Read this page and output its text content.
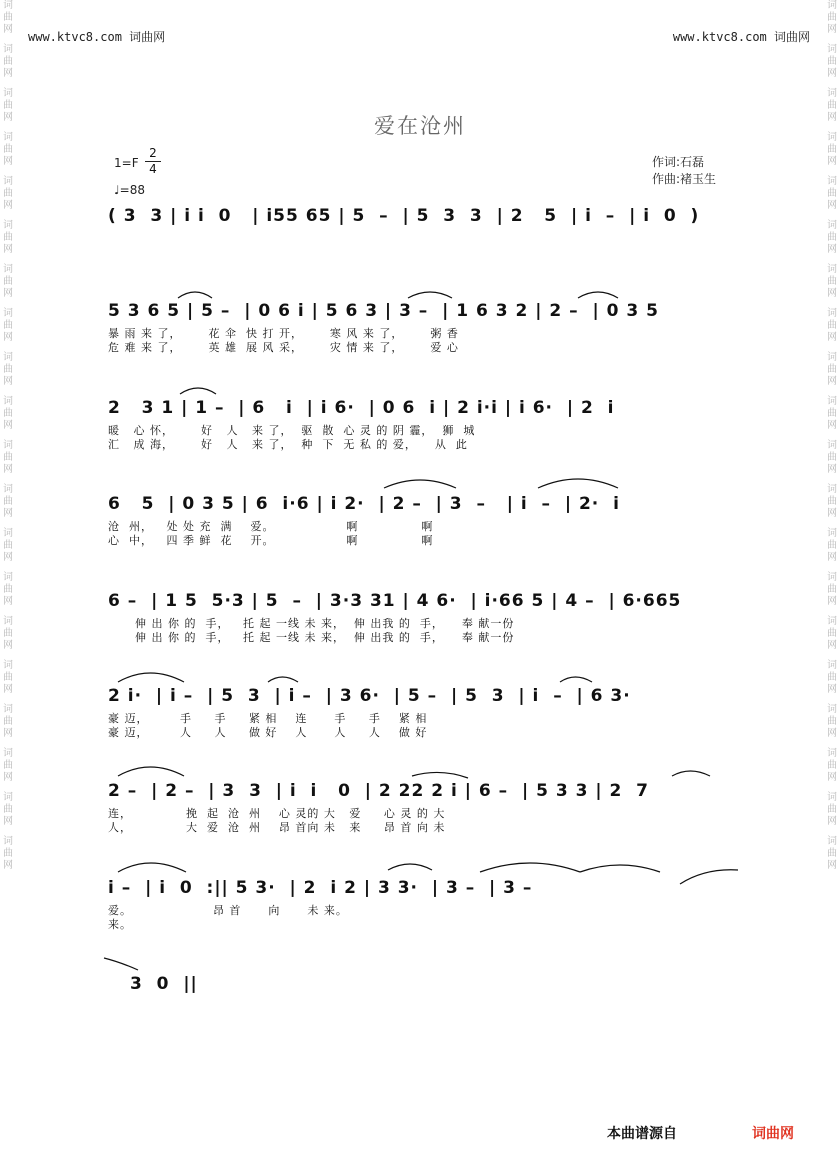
词
曲
网
词
曲
网
词
曲
网
词
曲
网
词
曲
网
词
曲
网
词
曲
网
词
曲
网
词
曲
网
词
曲
网
词
曲
网
词
曲
网
词
曲
网
词
曲
网
词
曲
网
词
曲
网
词
曲
网
词
曲
网
词
曲
网
词
曲
网
词
曲
网
词
曲
网
词
曲
网
词
曲
网
词
曲
网
词
曲
网
词
曲
网
词
曲
网
词
曲
网
词
曲
网
词
曲
网
词
曲
网
词
曲
网
词
曲
网
词
曲
网
词
曲
网
词
曲
网
词
曲
网
词
曲
网
词
曲
网
www.ktvc8.com 词曲网	www.ktvc8.com 词曲网
爱在沧州
$1=F \frac{2}{4}$
♩=88
作词:石磊
作曲:褚玉生
( 3  3 | i i  0   | i55 65 | 5  –  | 5  3  3  | 2   5  | i  –  | i  0  )
5 3 6 5 | 5 –  | 0 6 i | 5 6 3 | 3 –  | 1 6 3 2 | 2 –  | 0 3 5
暴 雨 来 了，      花 伞  快 打 开，      寒 风 来 了，      粥 香
危 难 来 了，      英 雄  展 风 采，      灾 情 来 了，      爱 心
2   3 1 | 1 –  | 6   i  | i 6·  | 0 6  i | 2 i·i | i 6·  | 2  i
暖   心 怀，      好   人   来 了，  驱  散  心 灵 的 阴 霾，  狮  城
汇   成 海，      好   人   来 了，  种  下  无 私 的 爱，    从  此
6   5  | 0 3 5 | 6  i·6 | i 2·  | 2 –  | 3  –   | i  –  | 2·  i
沧  州，   处 处 充  满    爱。                啊              啊
心  中，   四 季 鲜  花    开。                啊              啊
6 –  | 1 5  5·3 | 5  –  | 3·3 31 | 4 6·  | i·66 5 | 4 –  | 6·665
伸 出 你 的  手，   托 起 一线 未 来，  伸 出我 的  手，    奉 献一份
伸 出 你 的  手，   托 起 一线 未 来，  伸 出我 的  手，    奉 献一份
2 i·  | i –  | 5  3  | i –  | 3 6·  | 5 –  | 5  3  | i  –  | 6 3·
豪 迈，       手     手     紧 相    连      手     手    紧 相
豪 迈，       人     人     做 好    人      人     人    做 好
2 –  | 2 –  | 3  3  | i  i   0  | 2 22 2 i | 6 –  | 5 3 3 | 2  7
连，            挽  起  沧  州    心 灵的 大   爱     心 灵 的 大
人，            大  爱  沧  州    昂 首向 未   来     昂 首 向 未
i –  | i  0  :|| 5 3·  | 2  i 2 | 3 3·  | 3 –  | 3 –
爱。                  昂 首      向      未 来。
来。
3  0  ||
本曲谱源自	词曲网
